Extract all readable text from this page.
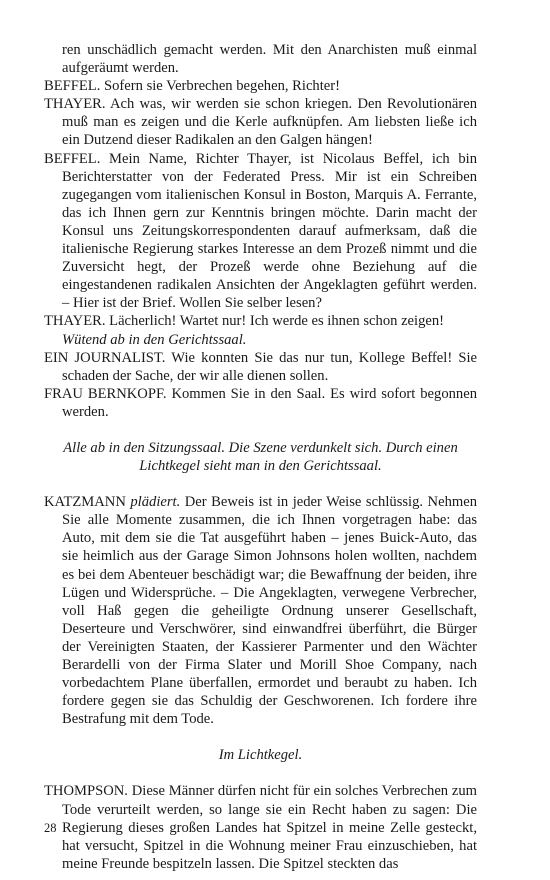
ren unschädlich gemacht werden. Mit den Anarchisten muß einmal aufgeräumt werden.

BEFFEL. Sofern sie Verbrechen begehen, Richter!

THAYER. Ach was, wir werden sie schon kriegen. Den Revolutionären muß man es zeigen und die Kerle aufknüpfen. Am liebsten ließe ich ein Dutzend dieser Radikalen an den Galgen hängen!

BEFFEL. Mein Name, Richter Thayer, ist Nicolaus Beffel, ich bin Berichterstatter von der Federated Press. Mir ist ein Schreiben zugegangen vom italienischen Konsul in Boston, Marquis A. Ferrante, das ich Ihnen gern zur Kenntnis bringen möchte. Darin macht der Konsul uns Zeitungskorrespondenten darauf aufmerksam, daß die italienische Regierung starkes Interesse an dem Prozeß nimmt und die Zuversicht hegt, der Prozeß werde ohne Beziehung auf die eingestandenen radikalen Ansichten der Angeklagten geführt werden. – Hier ist der Brief. Wollen Sie selber lesen?

THAYER. Lächerlich! Wartet nur! Ich werde es ihnen schon zeigen!
Wütend ab in den Gerichtssaal.

EIN JOURNALIST. Wie konnten Sie das nur tun, Kollege Beffel! Sie schaden der Sache, der wir alle dienen sollen.

FRAU BERNKOPF. Kommen Sie in den Saal. Es wird sofort begonnen werden.

Alle ab in den Sitzungssaal. Die Szene verdunkelt sich. Durch einen Lichtkegel sieht man in den Gerichtssaal.

KATZMANN plädiert. Der Beweis ist in jeder Weise schlüssig. Nehmen Sie alle Momente zusammen, die ich Ihnen vorgetragen habe: das Auto, mit dem sie die Tat ausgeführt haben – jenes Buick-Auto, das sie heimlich aus der Garage Simon Johnsons holen wollten, nachdem es bei dem Abenteuer beschädigt war; die Bewaffnung der beiden, ihre Lügen und Widersprüche. – Die Angeklagten, verwegene Verbrecher, voll Haß gegen die geheiligte Ordnung unserer Gesellschaft, Deserteure und Verschwörer, sind einwandfrei überführt, die Bürger der Vereinigten Staaten, der Kassierer Parmenter und den Wächter Berardelli von der Firma Slater und Morill Shoe Company, nach vorbedachtem Plane überfallen, ermordet und beraubt zu haben. Ich fordere gegen sie das Schuldig der Geschworenen. Ich fordere ihre Bestrafung mit dem Tode.

Im Lichtkegel.

THOMPSON. Diese Männer dürfen nicht für ein solches Verbrechen zum Tode verurteilt werden, so lange sie ein Recht haben zu sagen: Die Regierung dieses großen Landes hat Spitzel in meine Zelle gesteckt, hat versucht, Spitzel in die Wohnung meiner Frau einzuschieben, hat meine Freunde bespitzeln lassen. Die Spitzel steckten das

28
